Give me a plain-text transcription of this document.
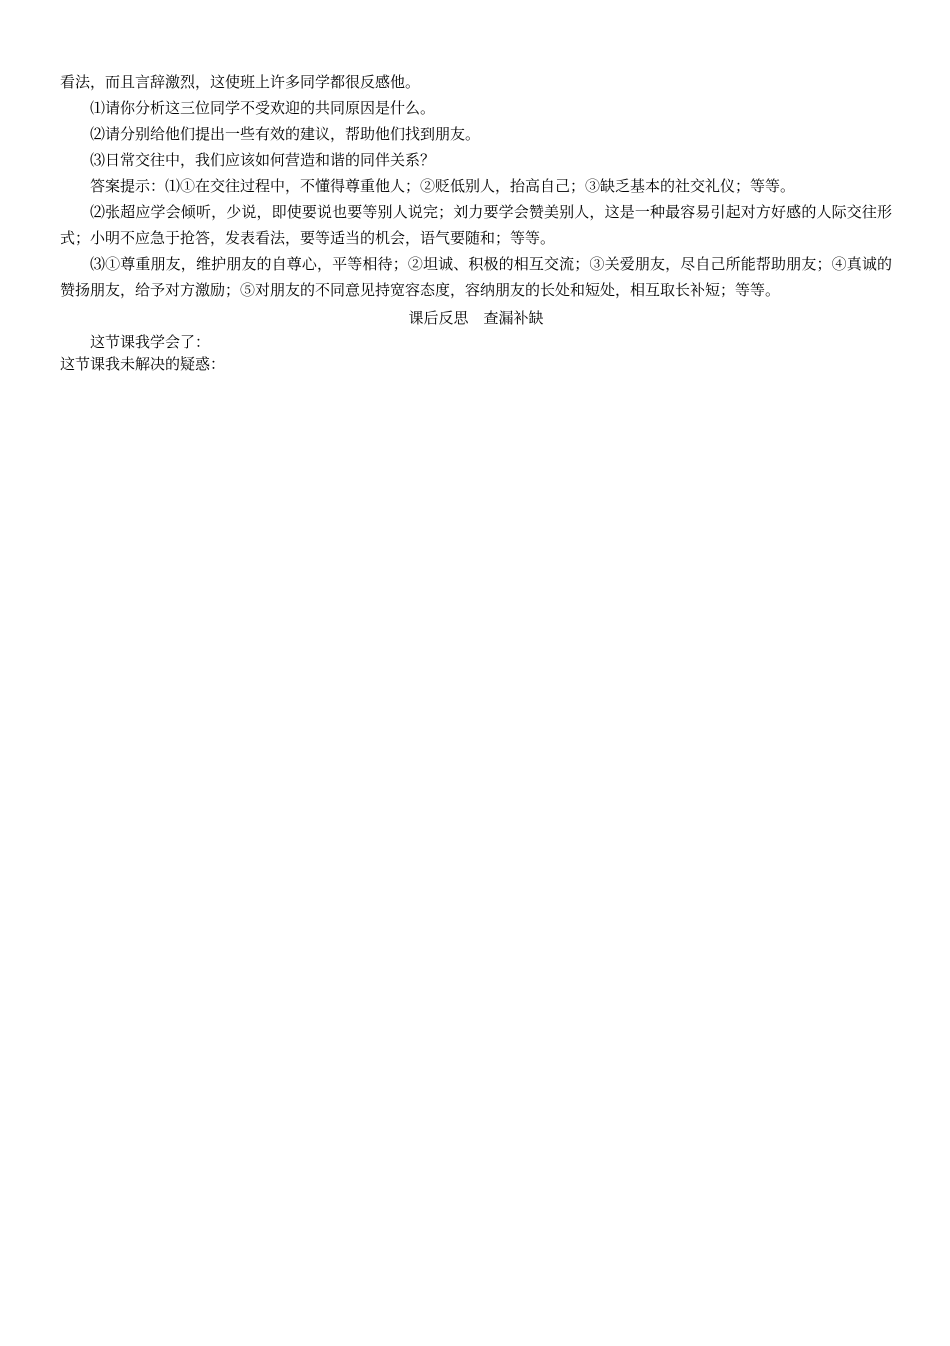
看法，而且言辞激烈，这使班上许多同学都很反感他。
⑴请你分析这三位同学不受欢迎的共同原因是什么。
⑵请分别给他们提出一些有效的建议，帮助他们找到朋友。
⑶日常交往中，我们应该如何营造和谐的同伴关系？
答案提示：⑴①在交往过程中，不懂得尊重他人；②贬低别人，抬高自己；③缺乏基本的社交礼仪；等等。
⑵张超应学会倾听，少说，即使要说也要等别人说完；刘力要学会赞美别人，这是一种最容易引起对方好感的人际交往形式；小明不应急于抢答，发表看法，要等适当的机会，语气要随和；等等。
⑶①尊重朋友，维护朋友的自尊心，平等相待；②坦诚、积极的相互交流；③关爱朋友，尽自己所能帮助朋友；④真诚的赞扬朋友，给予对方激励；⑤对朋友的不同意见持宽容态度，容纳朋友的长处和短处，相互取长补短；等等。
课后反思　查漏补缺
这节课我学会了：
这节课我未解决的疑惑：
